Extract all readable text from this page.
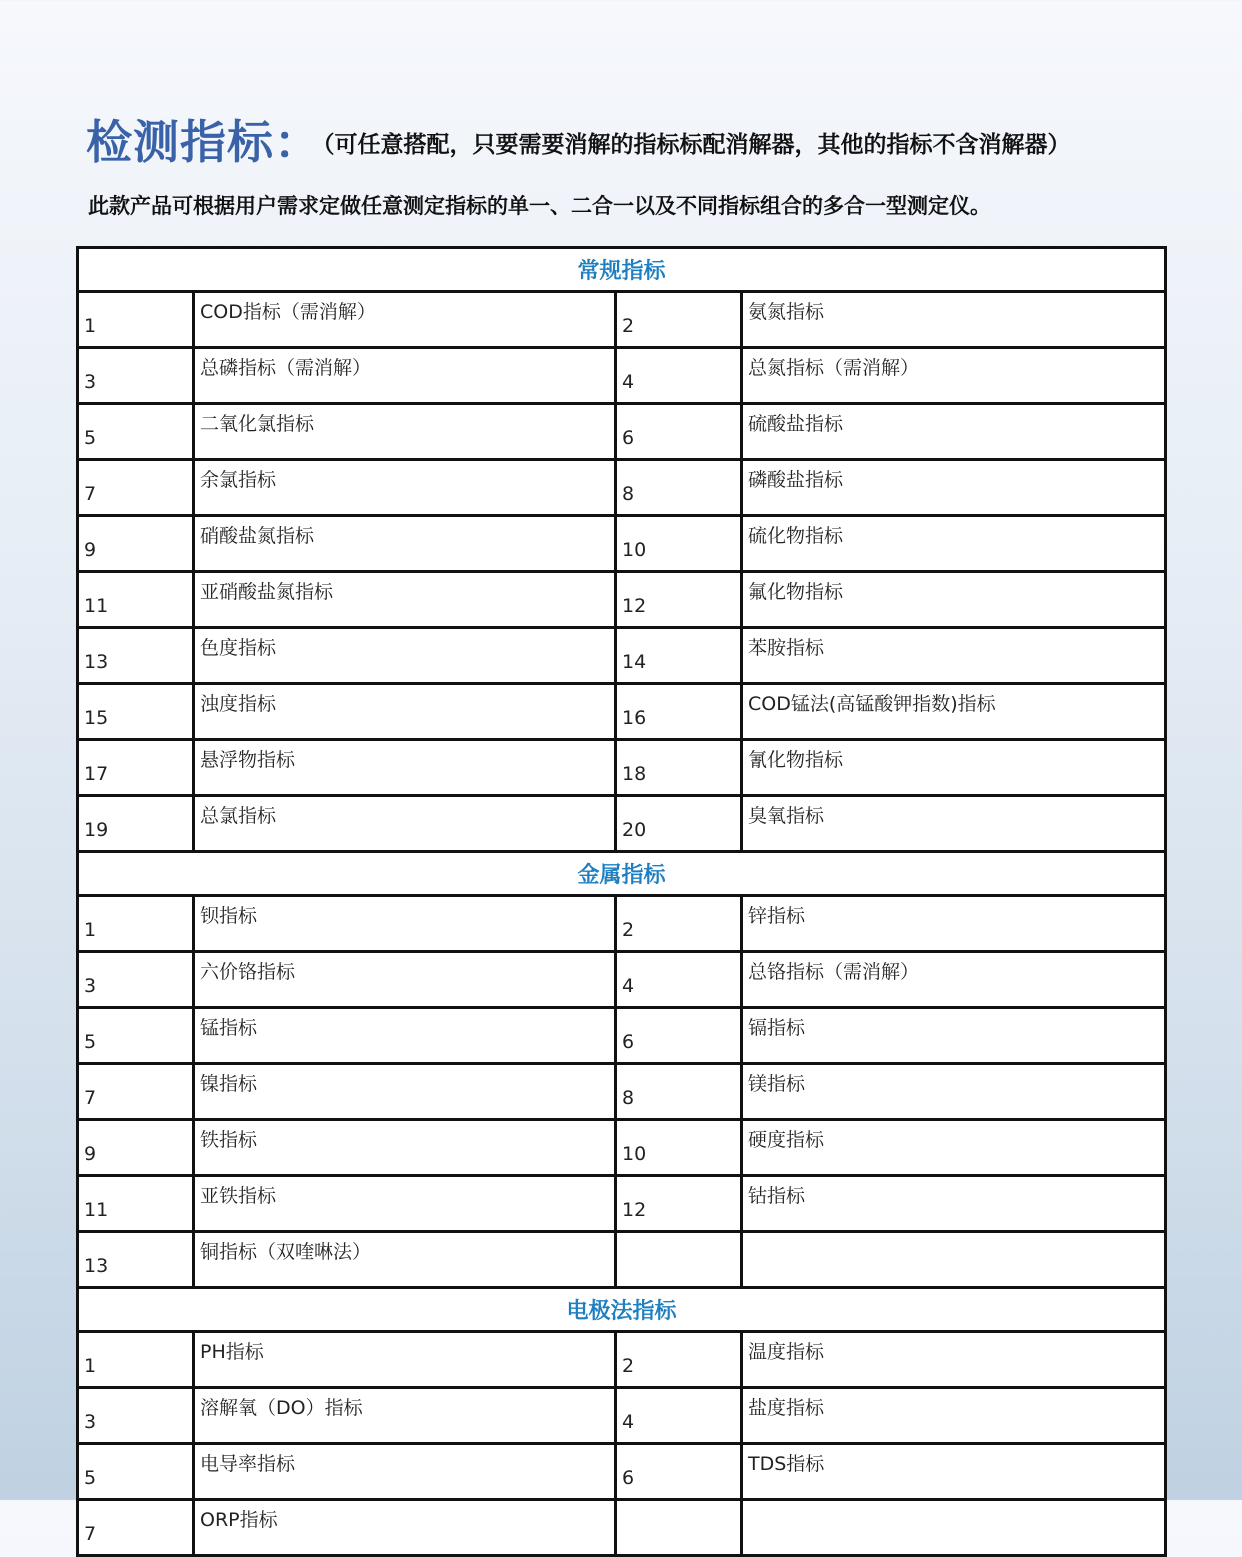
检测指标：（可任意搭配，只要需要消解的指标标配消解器，其他的指标不含消解器）
此款产品可根据用户需求定做任意测定指标的单一、二合一以及不同指标组合的多合一型测定仪。
常规指标			
1	COD指标（需消解）	2	氨氮指标
3	总磷指标（需消解）	4	总氮指标（需消解）
5	二氧化氯指标	6	硫酸盐指标
7	余氯指标	8	磷酸盐指标
9	硝酸盐氮指标	10	硫化物指标
11	亚硝酸盐氮指标	12	氟化物指标
13	色度指标	14	苯胺指标
15	浊度指标	16	COD锰法(高锰酸钾指数)指标
17	悬浮物指标	18	氰化物指标
19	总氯指标	20	臭氧指标
金属指标			
1	钡指标	2	锌指标
3	六价铬指标	4	总铬指标（需消解）
5	锰指标	6	镉指标
7	镍指标	8	镁指标
9	铁指标	10	硬度指标
11	亚铁指标	12	钴指标
13	铜指标（双喹啉法）		
电极法指标			
1	PH指标	2	温度指标
3	溶解氧（DO）指标	4	盐度指标
5	电导率指标	6	TDS指标
7	ORP指标		
